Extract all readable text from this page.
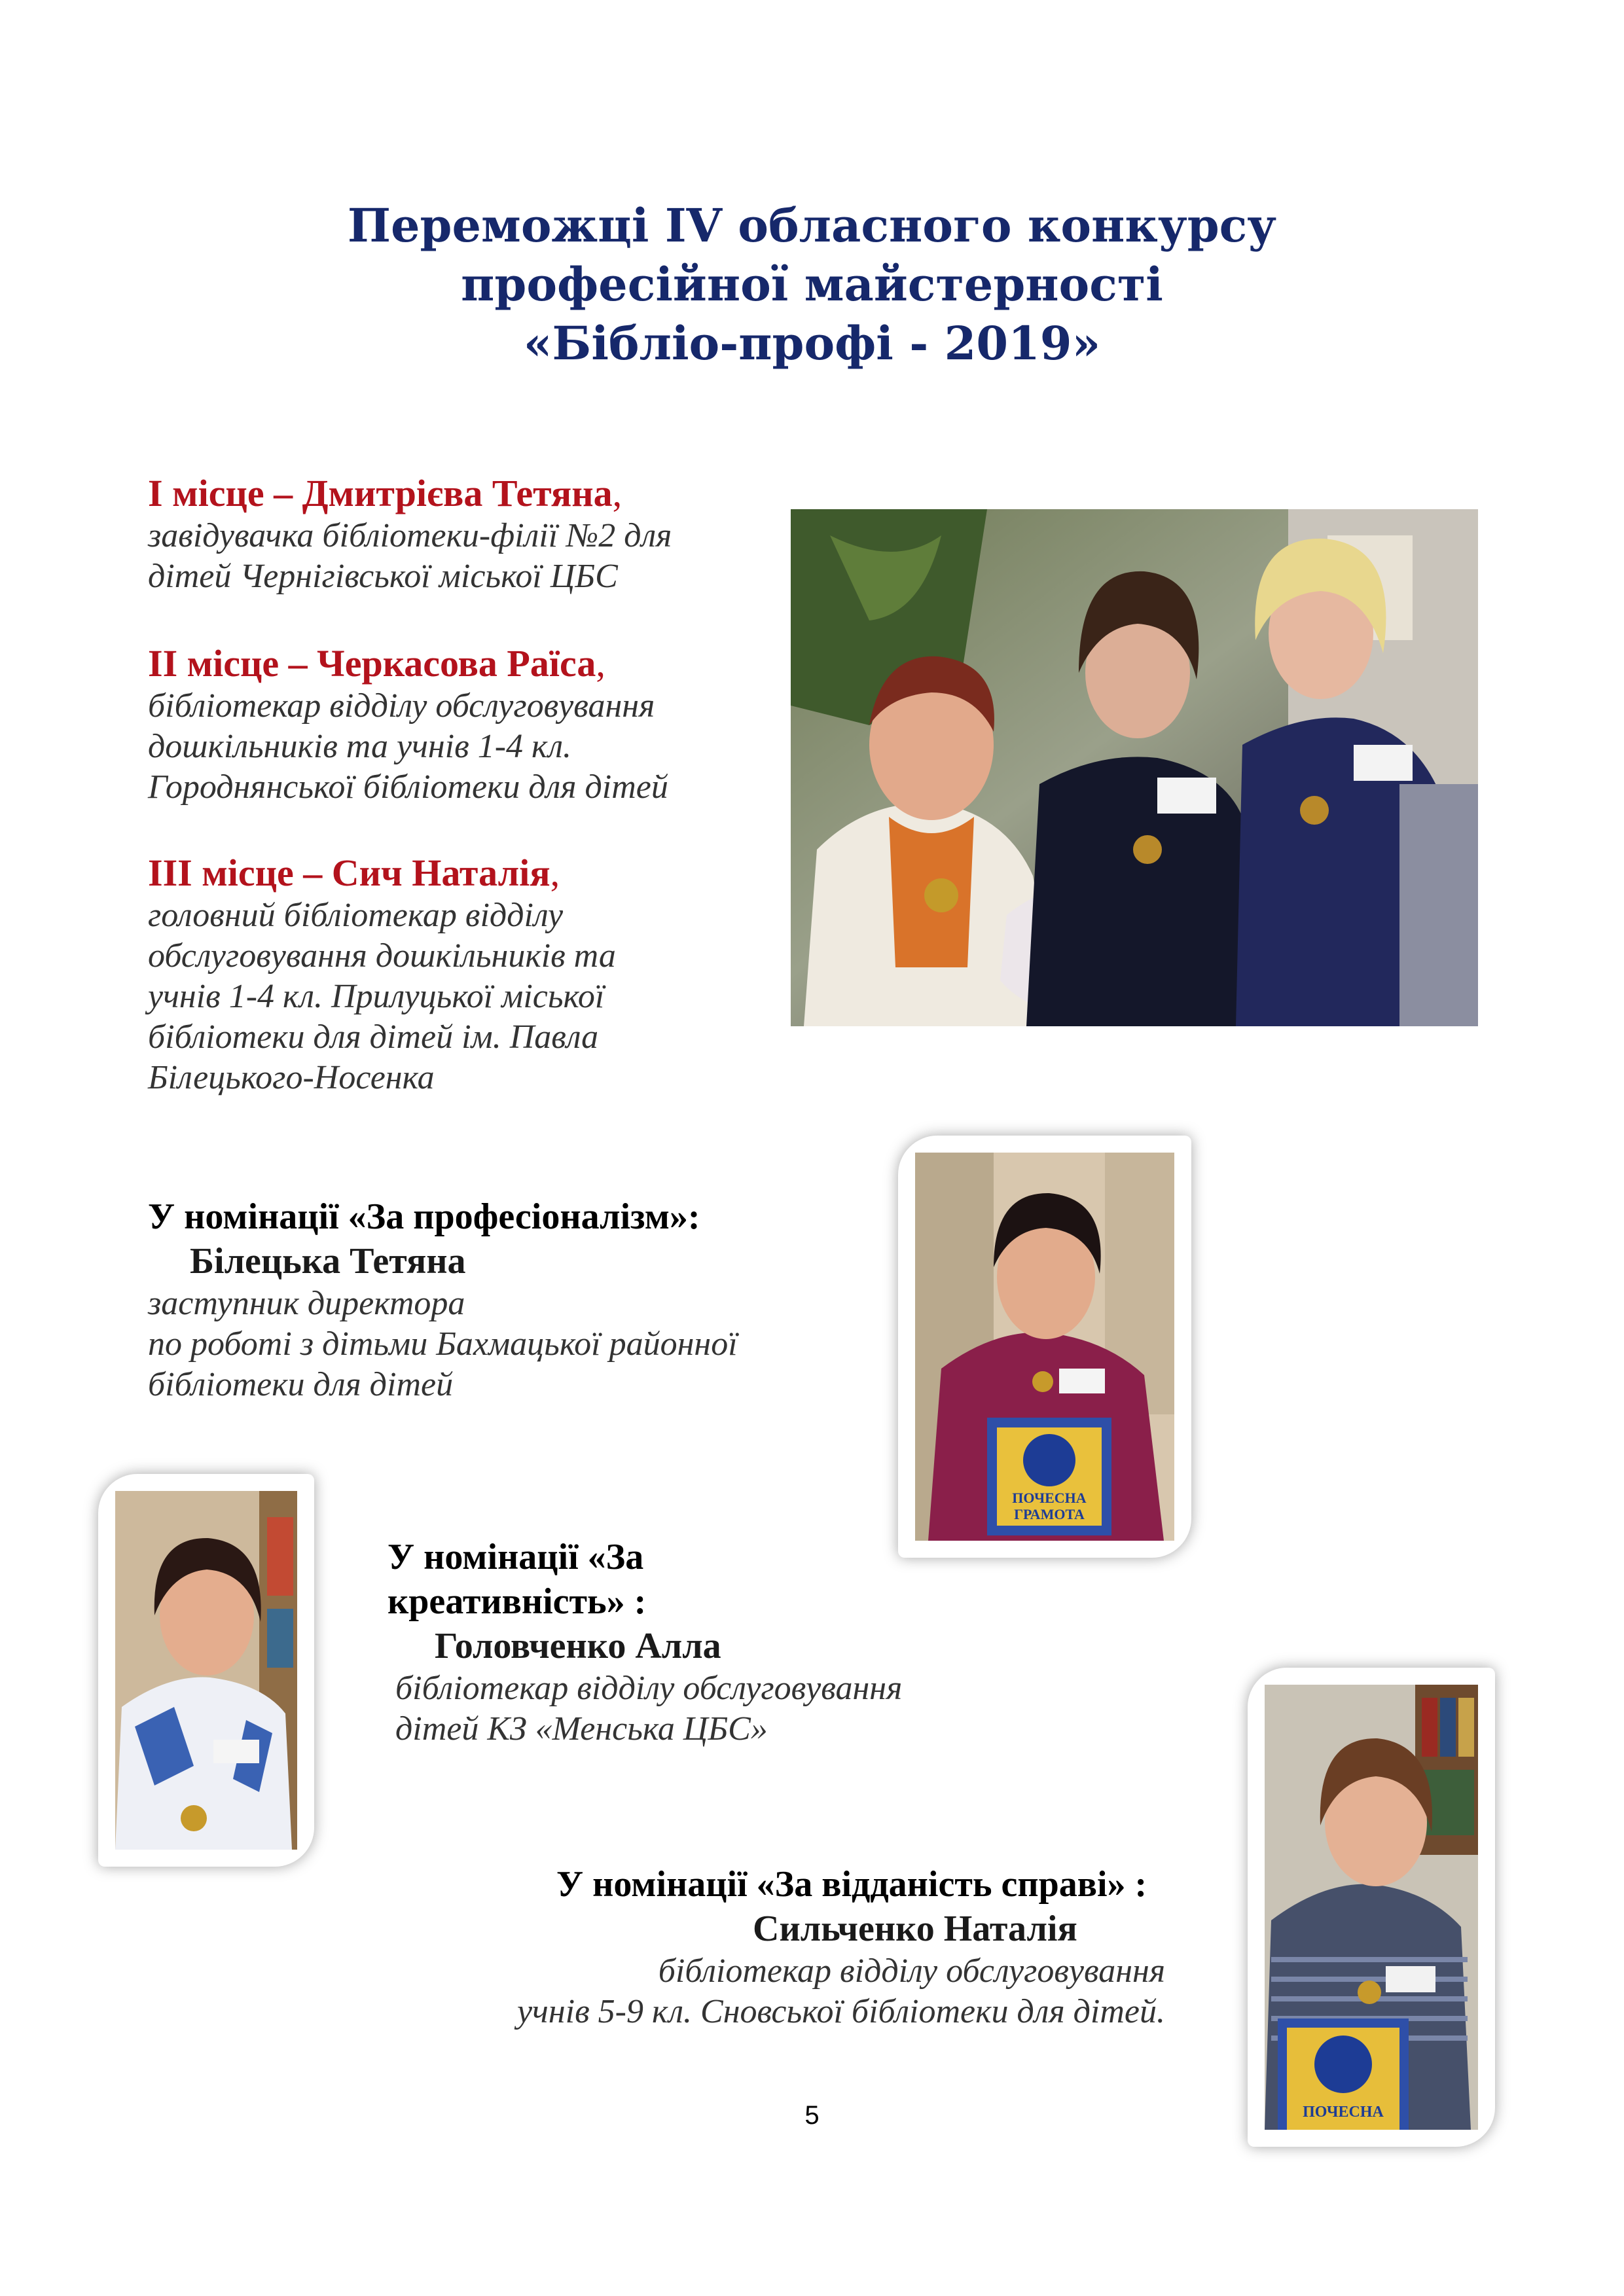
Переможці IV обласного конкурсу
професійної майстерності
«Бібліо-профі - 2019»
І місце – Дмитрієва Тетяна,
завідувачка бібліотеки-філії №2 для
дітей Чернігівської міської ЦБС
ІІ місце – Черкасова Раїса,
бібліотекар відділу обслуговування
дошкільників та учнів 1-4 кл.
Городнянської бібліотеки для дітей
ІІІ місце – Сич Наталія,
головний бібліотекар відділу
обслуговування дошкільників та
учнів 1-4 кл. Прилуцької міської
бібліотеки для дітей ім. Павла
Білецького-Носенка
У номінації «За професіоналізм»:
Білецька Тетяна
заступник директора
по роботі з дітьми Бахмацької районної
бібліотеки для дітей
ПОЧЕСНА
ГРАМОТА
У номінації «За
креативність» :
Головченко Алла
бібліотекар відділу обслуговування
дітей КЗ «Менська ЦБС»
У номінації «За відданість справі» :
Сильченко Наталія
бібліотекар відділу обслуговування
учнів 5-9 кл. Сновської бібліотеки для дітей.
ПОЧЕСНА
5
